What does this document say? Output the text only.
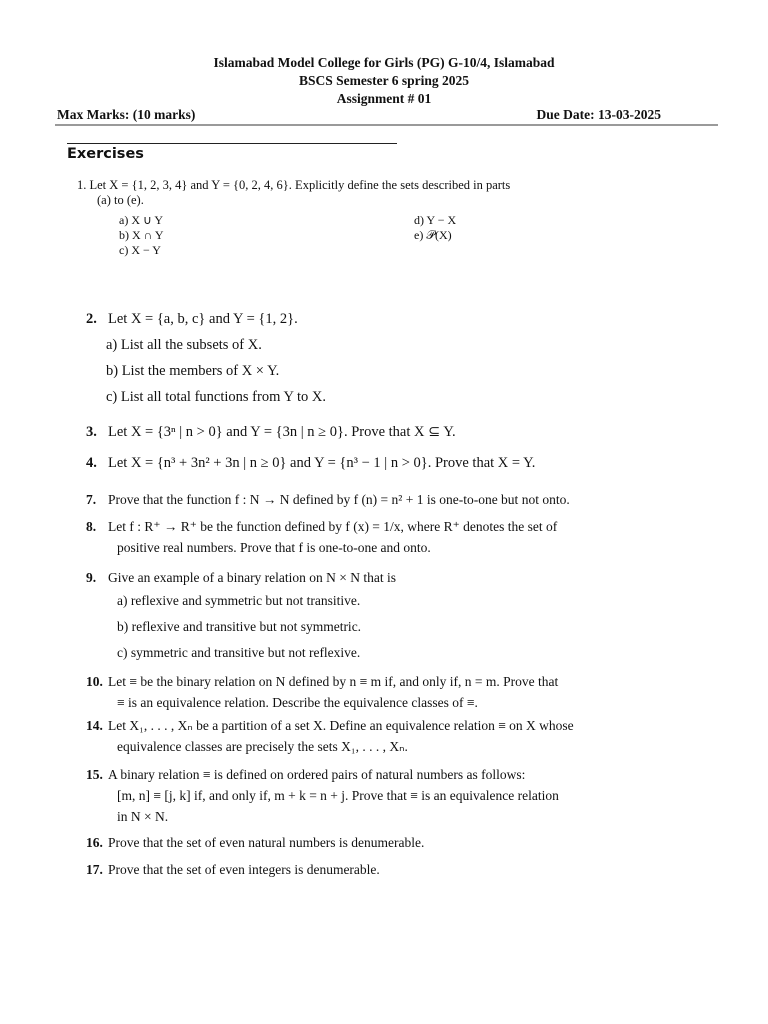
Islamabad Model College for Girls (PG) G-10/4, Islamabad
BSCS Semester 6 spring 2025
Assignment # 01
Max Marks: (10 marks)	Due Date: 13-03-2025
Exercises

1. Let X = {1, 2, 3, 4} and Y = {0, 2, 4, 6}. Explicitly define the sets described in parts

(a) to (e).

a) X ∪ Y
b) X ∩ Y
c) X − Y
d) Y − X
e) 𝒫(X)
2. Let X = {a, b, c} and Y = {1, 2}.
a) List all the subsets of X.
b) List the members of X × Y.
c) List all total functions from Y to X.
3. Let X = {3ⁿ | n > 0} and Y = {3n | n ≥ 0}. Prove that X ⊆ Y.
4. Let X = {n³ + 3n² + 3n | n ≥ 0} and Y = {n³ − 1 | n > 0}. Prove that X = Y.
7. Prove that the function f : N → N defined by f (n) = n² + 1 is one-to-one but not onto.
8. Let f : R⁺ → R⁺ be the function defined by f (x) = 1/x, where R⁺ denotes the set of
positive real numbers. Prove that f is one-to-one and onto.
9. Give an example of a binary relation on N × N that is
a) reflexive and symmetric but not transitive.
b) reflexive and transitive but not symmetric.
c) symmetric and transitive but not reflexive.
10. Let ≡ be the binary relation on N defined by n ≡ m if, and only if, n = m. Prove that
≡ is an equivalence relation. Describe the equivalence classes of ≡.
14. Let X₁, . . . , Xₙ be a partition of a set X. Define an equivalence relation ≡ on X whose
equivalence classes are precisely the sets X₁, . . . , Xₙ.
15. A binary relation ≡ is defined on ordered pairs of natural numbers as follows:
[m, n] ≡ [j, k] if, and only if, m + k = n + j. Prove that ≡ is an equivalence relation
in N × N.
16. Prove that the set of even natural numbers is denumerable.
17. Prove that the set of even integers is denumerable.
